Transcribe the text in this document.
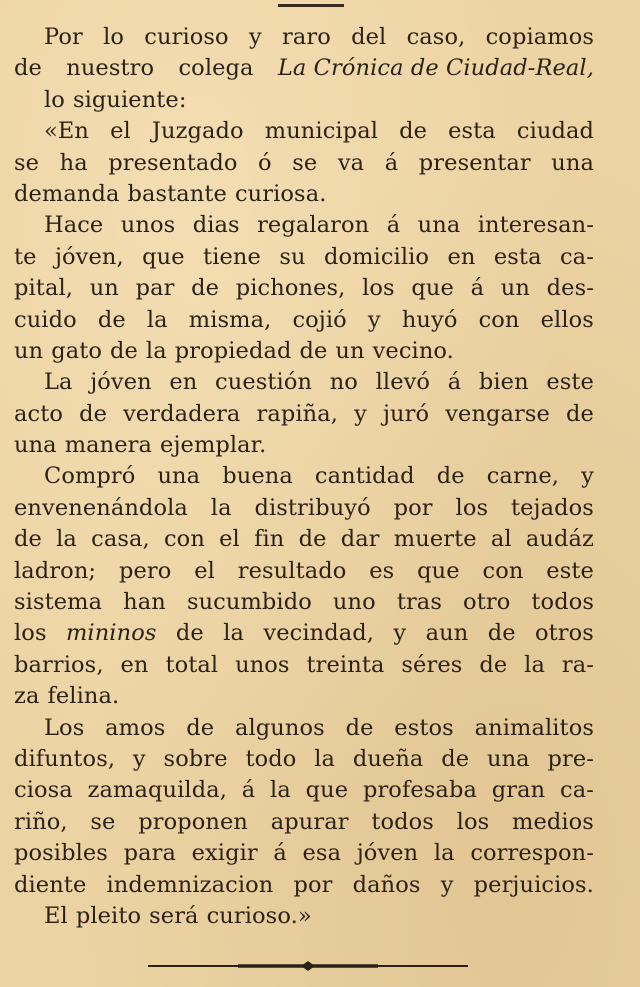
Por lo curioso y raro del caso, copiamos
de nuestro colega La Crónica de Ciudad-Real,
lo siguiente:
«En el Juzgado municipal de esta ciudad
se ha presentado ó se va á presentar una
demanda bastante curiosa.
Hace unos dias regalaron á una interesan-
te jóven, que tiene su domicilio en esta ca-
pital, un par de pichones, los que á un des-
cuido de la misma, cojió y huyó con ellos
un gato de la propiedad de un vecino.
La jóven en cuestión no llevó á bien este
acto de verdadera rapiña, y juró vengarse de
una manera ejemplar.
Compró una buena cantidad de carne, y
envenenándola la distribuyó por los tejados
de la casa, con el fin de dar muerte al audáz
ladron; pero el resultado es que con este
sistema han sucumbido uno tras otro todos
los mininos de la vecindad, y aun de otros
barrios, en total unos treinta séres de la ra-
za felina.
Los amos de algunos de estos animalitos
difuntos, y sobre todo la dueña de una pre-
ciosa zamaquilda, á la que profesaba gran ca-
riño, se proponen apurar todos los medios
posibles para exigir á esa jóven la correspon-
diente indemnizacion por daños y perjuicios.
El pleito será curioso.»
